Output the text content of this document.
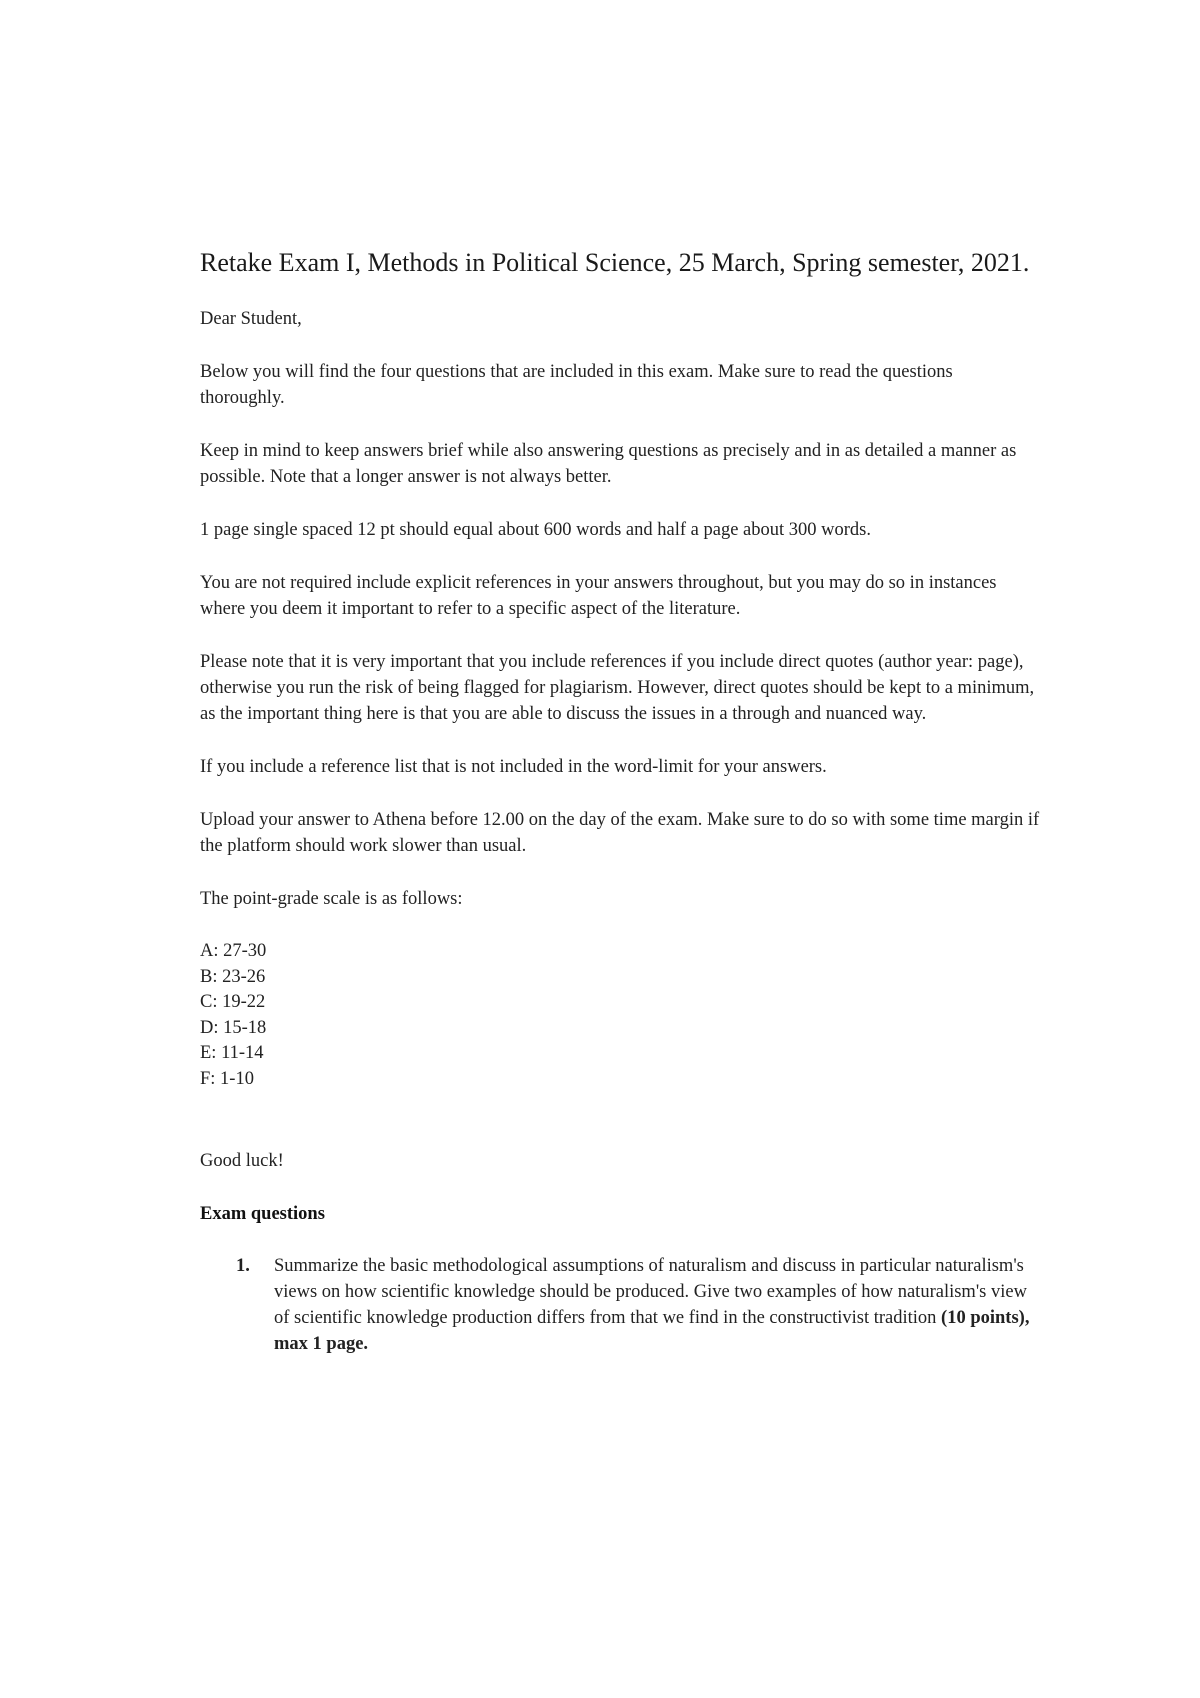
Retake Exam I, Methods in Political Science, 25 March, Spring semester, 2021.

Dear Student,

Below you will find the four questions that are included in this exam. Make sure to read the questions thoroughly.

Keep in mind to keep answers brief while also answering questions as precisely and in as detailed a manner as possible. Note that a longer answer is not always better.

1 page single spaced 12 pt should equal about 600 words and half a page about 300 words.

You are not required include explicit references in your answers throughout, but you may do so in instances where you deem it important to refer to a specific aspect of the literature.

Please note that it is very important that you include references if you include direct quotes (author year: page), otherwise you run the risk of being flagged for plagiarism. However, direct quotes should be kept to a minimum, as the important thing here is that you are able to discuss the issues in a through and nuanced way.

If you include a reference list that is not included in the word-limit for your answers.

Upload your answer to Athena before 12.00 on the day of the exam. Make sure to do so with some time margin if the platform should work slower than usual.

The point-grade scale is as follows:

A: 27-30
B: 23-26
C: 19-22
D: 15-18
E: 11-14
F: 1-10

Good luck!

Exam questions

1. Summarize the basic methodological assumptions of naturalism and discuss in particular naturalism's views on how scientific knowledge should be produced. Give two examples of how naturalism's view of scientific knowledge production differs from that we find in the constructivist tradition (10 points), max 1 page.
